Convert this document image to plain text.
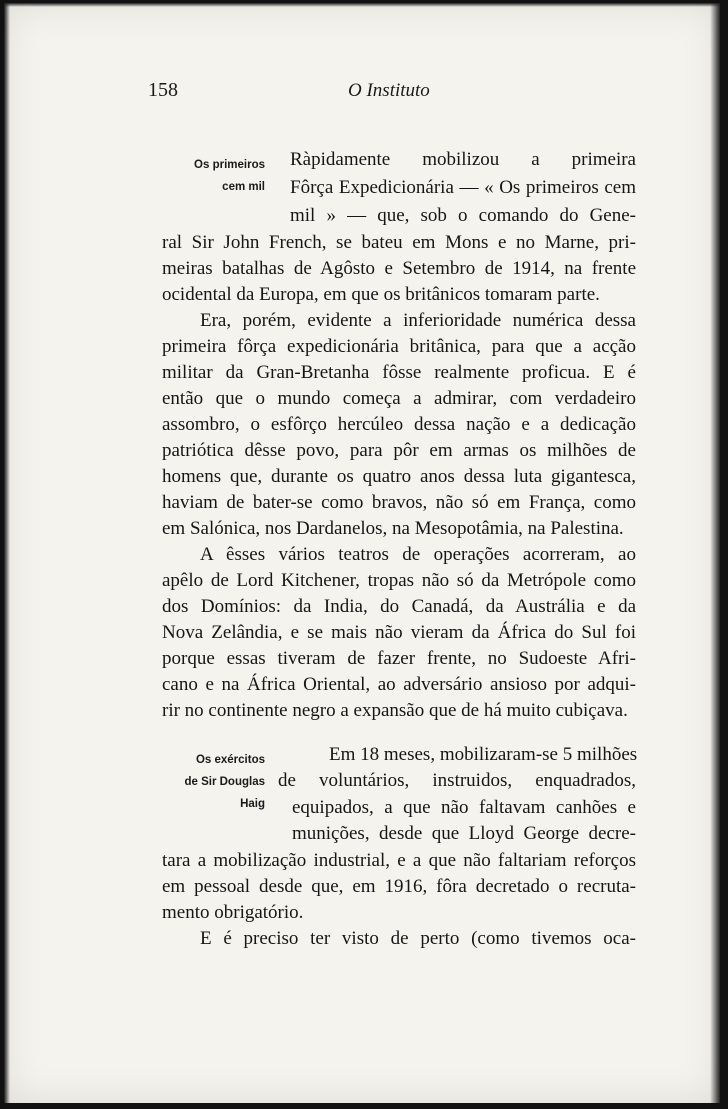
158	O Instituto
Os primeiros
cem mil
Os exércitos
de Sir Douglas
Haig
Ràpidamente mobilizou a primeira
Fôrça Expedicionária — « Os primeiros cem
mil » — que, sob o comando do Gene-
ral Sir John French, se bateu em Mons e no Marne, pri-
meiras batalhas de Agôsto e Setembro de 1914, na frente
ocidental da Europa, em que os britânicos tomaram parte.
Era, porém, evidente a inferioridade numérica dessa
primeira fôrça expedicionária britânica, para que a acção
militar da Gran-Bretanha fôsse realmente proficua. E é
então que o mundo começa a admirar, com verdadeiro
assombro, o esfôrço hercúleo dessa nação e a dedicação
patriótica dêsse povo, para pôr em armas os milhões de
homens que, durante os quatro anos dessa luta gigantesca,
haviam de bater-se como bravos, não só em França, como
em Salónica, nos Dardanelos, na Mesopotâmia, na Palestina.
A êsses vários teatros de operações acorreram, ao
apêlo de Lord Kitchener, tropas não só da Metrópole como
dos Domínios: da India, do Canadá, da Austrália e da
Nova Zelândia, e se mais não vieram da África do Sul foi
porque essas tiveram de fazer frente, no Sudoeste Afri-
cano e na África Oriental, ao adversário ansioso por adqui-
rir no continente negro a expansão que de há muito cubiçava.
Em 18 meses, mobilizaram-se 5 milhões
de voluntários, instruidos, enquadrados,
equipados, a que não faltavam canhões e
munições, desde que Lloyd George decre-
tara a mobilização industrial, e a que não faltariam reforços
em pessoal desde que, em 1916, fôra decretado o recruta-
mento obrigatório.
E é preciso ter visto de perto (como tivemos oca-
